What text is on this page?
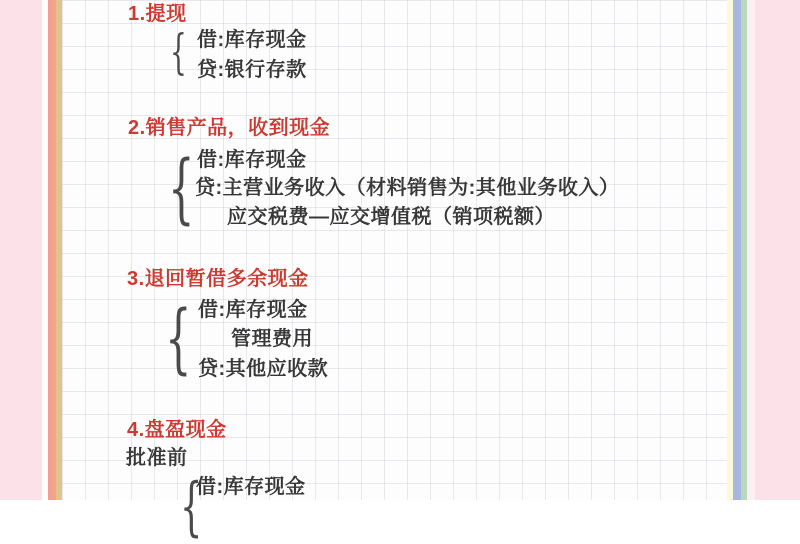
1.提现
{ 借:库存现金
贷:银行存款
2.销售产品，收到现金
{ 借:库存现金
贷:主营业务收入（材料销售为:其他业务收入）
应交税费—应交增值税（销项税额）
3.退回暂借多余现金
{ 借:库存现金
管理费用
贷:其他应收款
4.盘盈现金
批准前
{
借:库存现金
